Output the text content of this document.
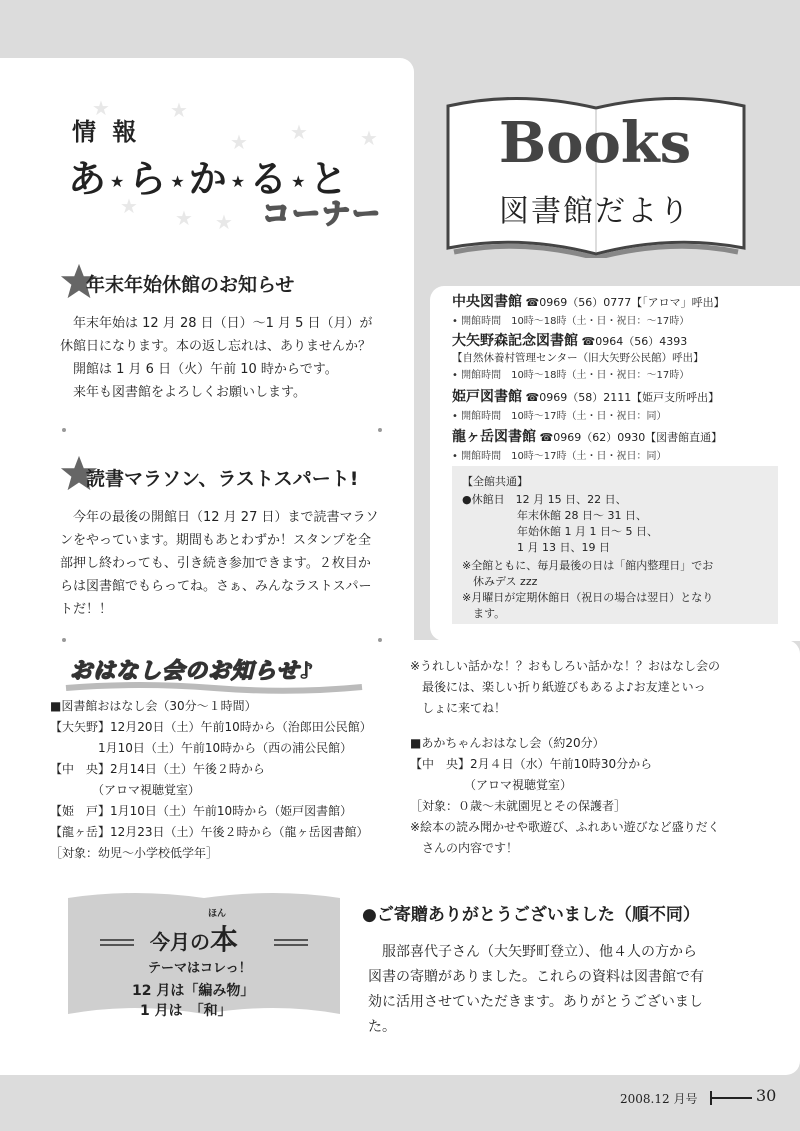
★	★
★ ★	★
★ ★ ★
情 報
あ ★ら ★か ★る ★と
コーナー
Books
図書館だより
年末年始休館のお知らせ

　年末年始は 12 月 28 日（日）～1 月 5 日（月）が

休館日になります。本の返し忘れは、ありませんか？

　開館は 1 月 6 日（火）午前 10 時からです。

　来年も図書館をよろしくお願いします。

読書マラソン、ラストスパート!

　今年の最後の開館日（12 月 27 日）まで読書マラソ

ンをやっています。期間もあとわずか！スタンプを全

部押し終わっても、引き続き参加できます。２枚目か

らは図書館でもらってね。さぁ、みんなラストスパー

トだ！！

中央図書館 ☎0969（56）0777【「アロマ」呼出】
• 開館時間　10時～18時（土・日・祝日：～17時）
大矢野森記念図書館 ☎0964（56）4393
【自然休養村管理センター（旧大矢野公民館）呼出】
• 開館時間　10時～18時（土・日・祝日：～17時）
姫戸図書館 ☎0969（58）2111【姫戸支所呼出】
• 開館時間　10時～17時（土・日・祝日：同）
龍ヶ岳図書館 ☎0969（62）0930【図書館直通】
• 開館時間　10時～17時（土・日・祝日：同）
【全館共通】
●休館日　12 月 15 日、22 日、
　　　　　年末休館 28 日～ 31 日、
　　　　　年始休館 1 月 1 日～ 5 日、
　　　　　1 月 13 日、19 日
※全館ともに、毎月最後の日は「館内整理日」でお
　休みデス zzz
※月曜日が定期休館日（祝日の場合は翌日）となり
　ます。
おはなし会のお知らせ♪
■図書館おはなし会（30分～１時間）
【大矢野】12月20日（土）午前10時から（治郎田公民館）
　　　　1月10日（土）午前10時から（西の浦公民館）
【中　央】2月14日（土）午後２時から
　　　　（アロマ視聴覚室）
【姫　戸】1月10日（土）午前10時から（姫戸図書館）
【龍ヶ岳】12月23日（土）午後２時から（龍ヶ岳図書館）
［対象：幼児～小学校低学年］
※うれしい話かな！？おもしろい話かな！？おはなし会の
　最後には、楽しい折り紙遊びもあるよ♪お友達といっ
　しょに来てね！
■あかちゃんおはなし会（約20分）
【中　央】2月４日（水）午前10時30分から
　　　　　（アロマ視聴覚室）
［対象：０歳～未就園児とその保護者］
※絵本の読み聞かせや歌遊び、ふれあい遊びなど盛りだく
　さんの内容です！
ほん
今月の本
テーマはコレっ！
12 月は「編み物」
1 月は　「和」
●ご寄贈ありがとうございました（順不同）

　服部喜代子さん（大矢野町登立）、他４人の方から

図書の寄贈がありました。これらの資料は図書館で有

効に活用させていただきます。ありがとうございまし

た。

2008.12 月号	30
